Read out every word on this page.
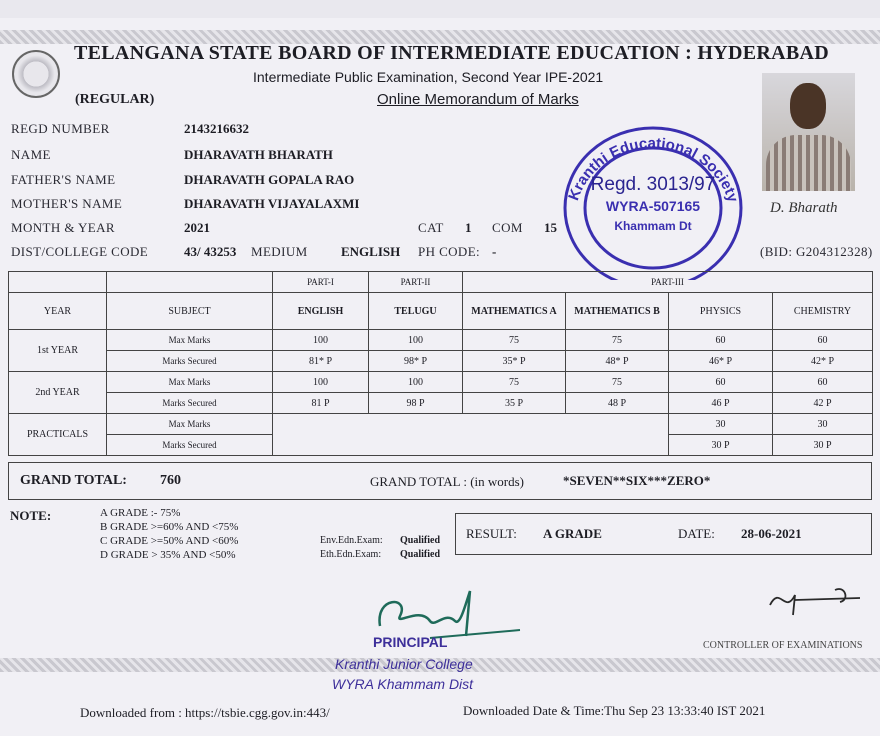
TELANGANA STATE BOARD OF INTERMEDIATE EDUCATION : HYDERABAD
Intermediate Public Examination, Second Year IPE-2021
(REGULAR)	Online Memorandum of Marks
REGD NUMBER	2143216632
NAME	DHARAVATH BHARATH
FATHER'S NAME	DHARAVATH GOPALA RAO
MOTHER'S NAME	DHARAVATH VIJAYALAXMI
MONTH & YEAR	2021	CAT 1 COM 15
DIST/COLLEGE CODE	43/ 43253 MEDIUM	ENGLISH PH CODE: -	(BID: G204312328)
D. Bharath
Kranthi Educational Society
Regd. 3013/97
WYRA-507165
Khammam Dt
		PART-I	PART-II	PART-III			
YEAR	SUBJECT	ENGLISH	TELUGU	MATHEMATICS A	MATHEMATICS B	PHYSICS	CHEMISTRY
1st YEAR	Max Marks	100	100	75	75	60	60
	Marks Secured	81* P	98* P	35* P	48* P	46* P	42* P
2nd YEAR	Max Marks	100	100	75	75	60	60
	Marks Secured	81 P	98 P	35 P	48 P	46 P	42 P
PRACTICALS	Max Marks					30	30
	Marks Secured					30 P	30 P
GRAND TOTAL: 760	GRAND TOTAL : (in words)	*SEVEN**SIX***ZERO*
NOTE:	A GRADE :- 75%
B GRADE >=60% AND <75%
C GRADE >=50% AND <60%
D GRADE > 35% AND <50%
Env.Edn.Exam: Qualified
Eth.Edn.Exam: Qualified
RESULT: A GRADE	DATE: 28-06-2021
PRINCIPAL
Kranthi Junior College
WYRA Khammam Dist
CONTROLLER OF EXAMINATIONS
Downloaded from : https://tsbie.cgg.gov.in:443/	Downloaded Date & Time:Thu Sep 23 13:33:40 IST 2021
